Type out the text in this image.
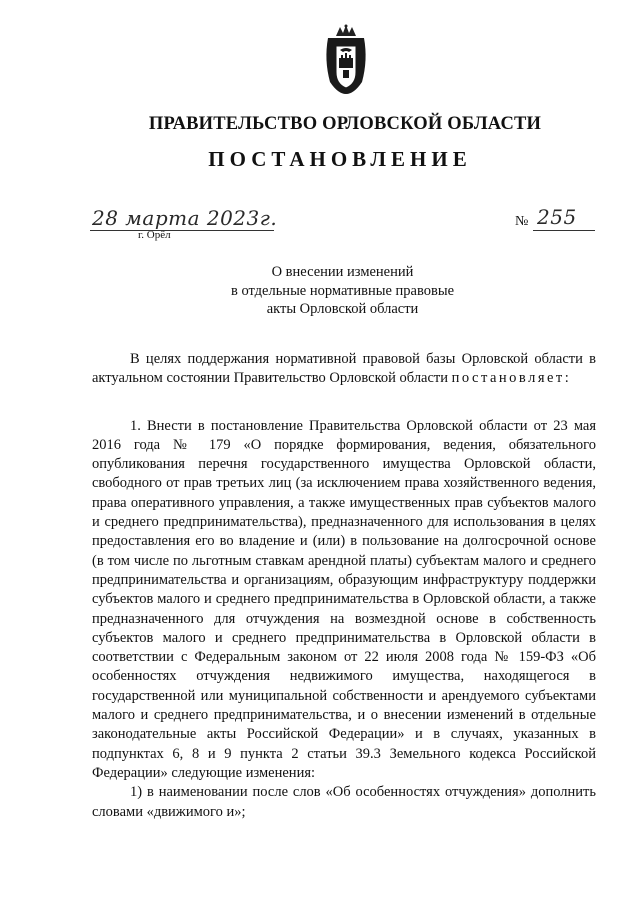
ПРАВИТЕЛЬСТВО ОРЛОВСКОЙ ОБЛАСТИ
ПОСТАНОВЛЕНИЕ
28 марта 2023г.
г. Орёл
№ 255
О внесении изменений
в отдельные нормативные правовые
акты Орловской области

В целях поддержания нормативной правовой базы Орловской области в актуальном состоянии Правительство Орловской области постановляет:

1. Внести в постановление Правительства Орловской области от 23 мая 2016 года № 179 «О порядке формирования, ведения, обязательного опубликования перечня государственного имущества Орловской области, свободного от прав третьих лиц (за исключением права хозяйственного ведения, права оперативного управления, а также имущественных прав субъектов малого и среднего предпринимательства), предназначенного для использования в целях предоставления его во владение и (или) в пользование на долгосрочной основе (в том числе по льготным ставкам арендной платы) субъектам малого и среднего предпринимательства и организациям, образующим инфраструктуру поддержки субъектов малого и среднего предпринимательства в Орловской области, а также предназначенного для отчуждения на возмездной основе в собственность субъектов малого и среднего предпринимательства в Орловской области в соответствии с Федеральным законом от 22 июля 2008 года № 159-ФЗ «Об особенностях отчуждения недвижимого имущества, находящегося в государственной или муниципальной собственности и арендуемого субъектами малого и среднего предпринимательства, и о внесении изменений в отдельные законодательные акты Российской Федерации» и в случаях, указанных в подпунктах 6, 8 и 9 пункта 2 статьи 39.3 Земельного кодекса Российской Федерации» следующие изменения:

1) в наименовании после слов «Об особенностях отчуждения» дополнить словами «движимого и»;
